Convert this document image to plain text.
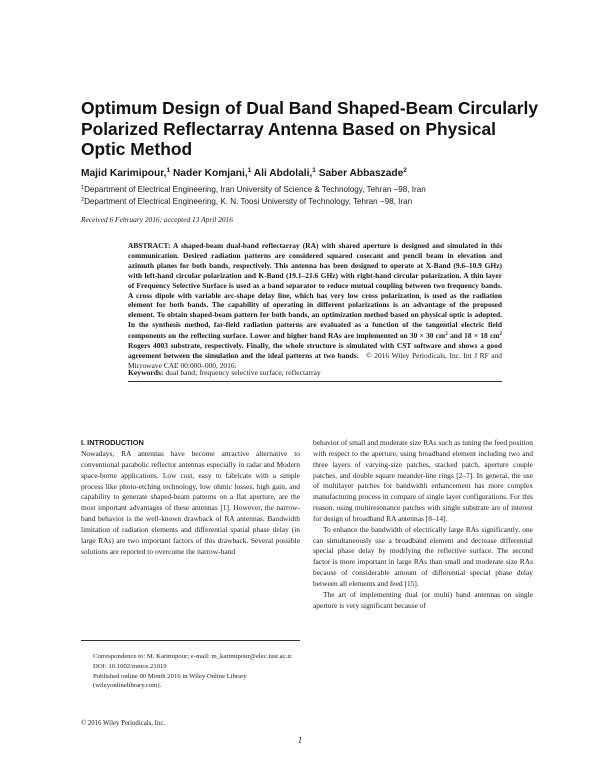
Optimum Design of Dual Band Shaped-Beam Circularly Polarized Reflectarray Antenna Based on Physical Optic Method
Majid Karimipour,$^1$ Nader Komjani,$^1$ Ali Abdolali,$^1$ Saber Abbaszade$^2$
$^1$Department of Electrical Engineering, Iran University of Science & Technology, Tehran −98, Iran
$^2$Department of Electrical Engineering, K. N. Toosi University of Technology, Tehran −98, Iran
Received 6 February 2016; accepted 13 April 2016
ABSTRACT: A shaped-beam dual-band reflectarray (RA) with shared aperture is designed and simulated in this communication. Desired radiation patterns are considered squared cosecant and pencil beam in elevation and azimuth planes for both bands, respectively. This antenna has been designed to operate at X-Band (9.6–10.9 GHz) with left-hand circular polarization and K-Band (19.1–21.6 GHz) with right-hand circular polarization. A thin layer of Frequency Selective Surface is used as a band separator to reduce mutual coupling between two frequency bands. A cross dipole with variable arc-shape delay line, which has very low cross polarization, is used as the radiation element for both bands. The capability of operating in different polarizations is an advantage of the proposed element. To obtain shaped-beam pattern for both bands, an optimization method based on physical optic is adopted. In the synthesis method, far-field radiation patterns are evaluated as a function of the tangential electric field components on the reflecting surface. Lower and higher band RAs are implemented on 30 × 30 $cm^2$ and 18 × 18 $cm^2$ Rogers 4003 substrate, respectively. Finally, the whole structure is simulated with CST software and shows a good agreement between the simulation and the ideal patterns at two bands. © 2016 Wiley Periodicals, Inc. Int J RF and Microwave CAE 00:000–000, 2016.
Keywords: dual band; frequency selective surface; reflectarray
I. INTRODUCTION

Nowadays, RA antennas have become attractive alternative to conventional parabolic reflector antennas especially in radar and Modern space-borne applications. Low cost, easy to fabricate with a simple process like photo-etching technology, low ohmic losses, high gain, and capability to generate shaped-beam patterns on a flat aperture, are the most important advantages of these antennas [1]. However, the narrow-band behavior is the well-known drawback of RA antennas. Bandwidth limitation of radiation elements and differential spatial phase delay (in large RAs) are two important factors of this drawback. Several possible solutions are reported to overcome the narrow-band

behavior of small and moderate size RAs such as tuning the feed position with respect to the aperture, using broadband element including two and three layers of varying-size patches, stacked patch, aperture couple patches, and double square meander-line rings [2–7]. In general, the use of multilayer patches for bandwidth enhancement has more complex manufacturing process in compare of single layer configurations. For this reason, using multiresonance patches with single substrate are of interest for design of broadband RA antennas [8–14].

To enhance the bandwidth of electrically large RAs significantly, one can simultaneously use a broadband element and decrease differential special phase delay by modifying the reflective surface. The second factor is more important in large RAs than small and moderate size RAs because of considerable amount of differential special phase delay between all elements and feed [15].

The art of implementing dual (or multi) band antennas on single aperture is very significant because of

Correspondence to: M. Karimipour; e-mail: m_karimipour@elec.iust.ac.ir.
DOI: 10.1002/mmce.21019
Published online 00 Month 2016 in Wiley Online Library (wileyonlinelibrary.com).
© 2016 Wiley Periodicals, Inc.
1
